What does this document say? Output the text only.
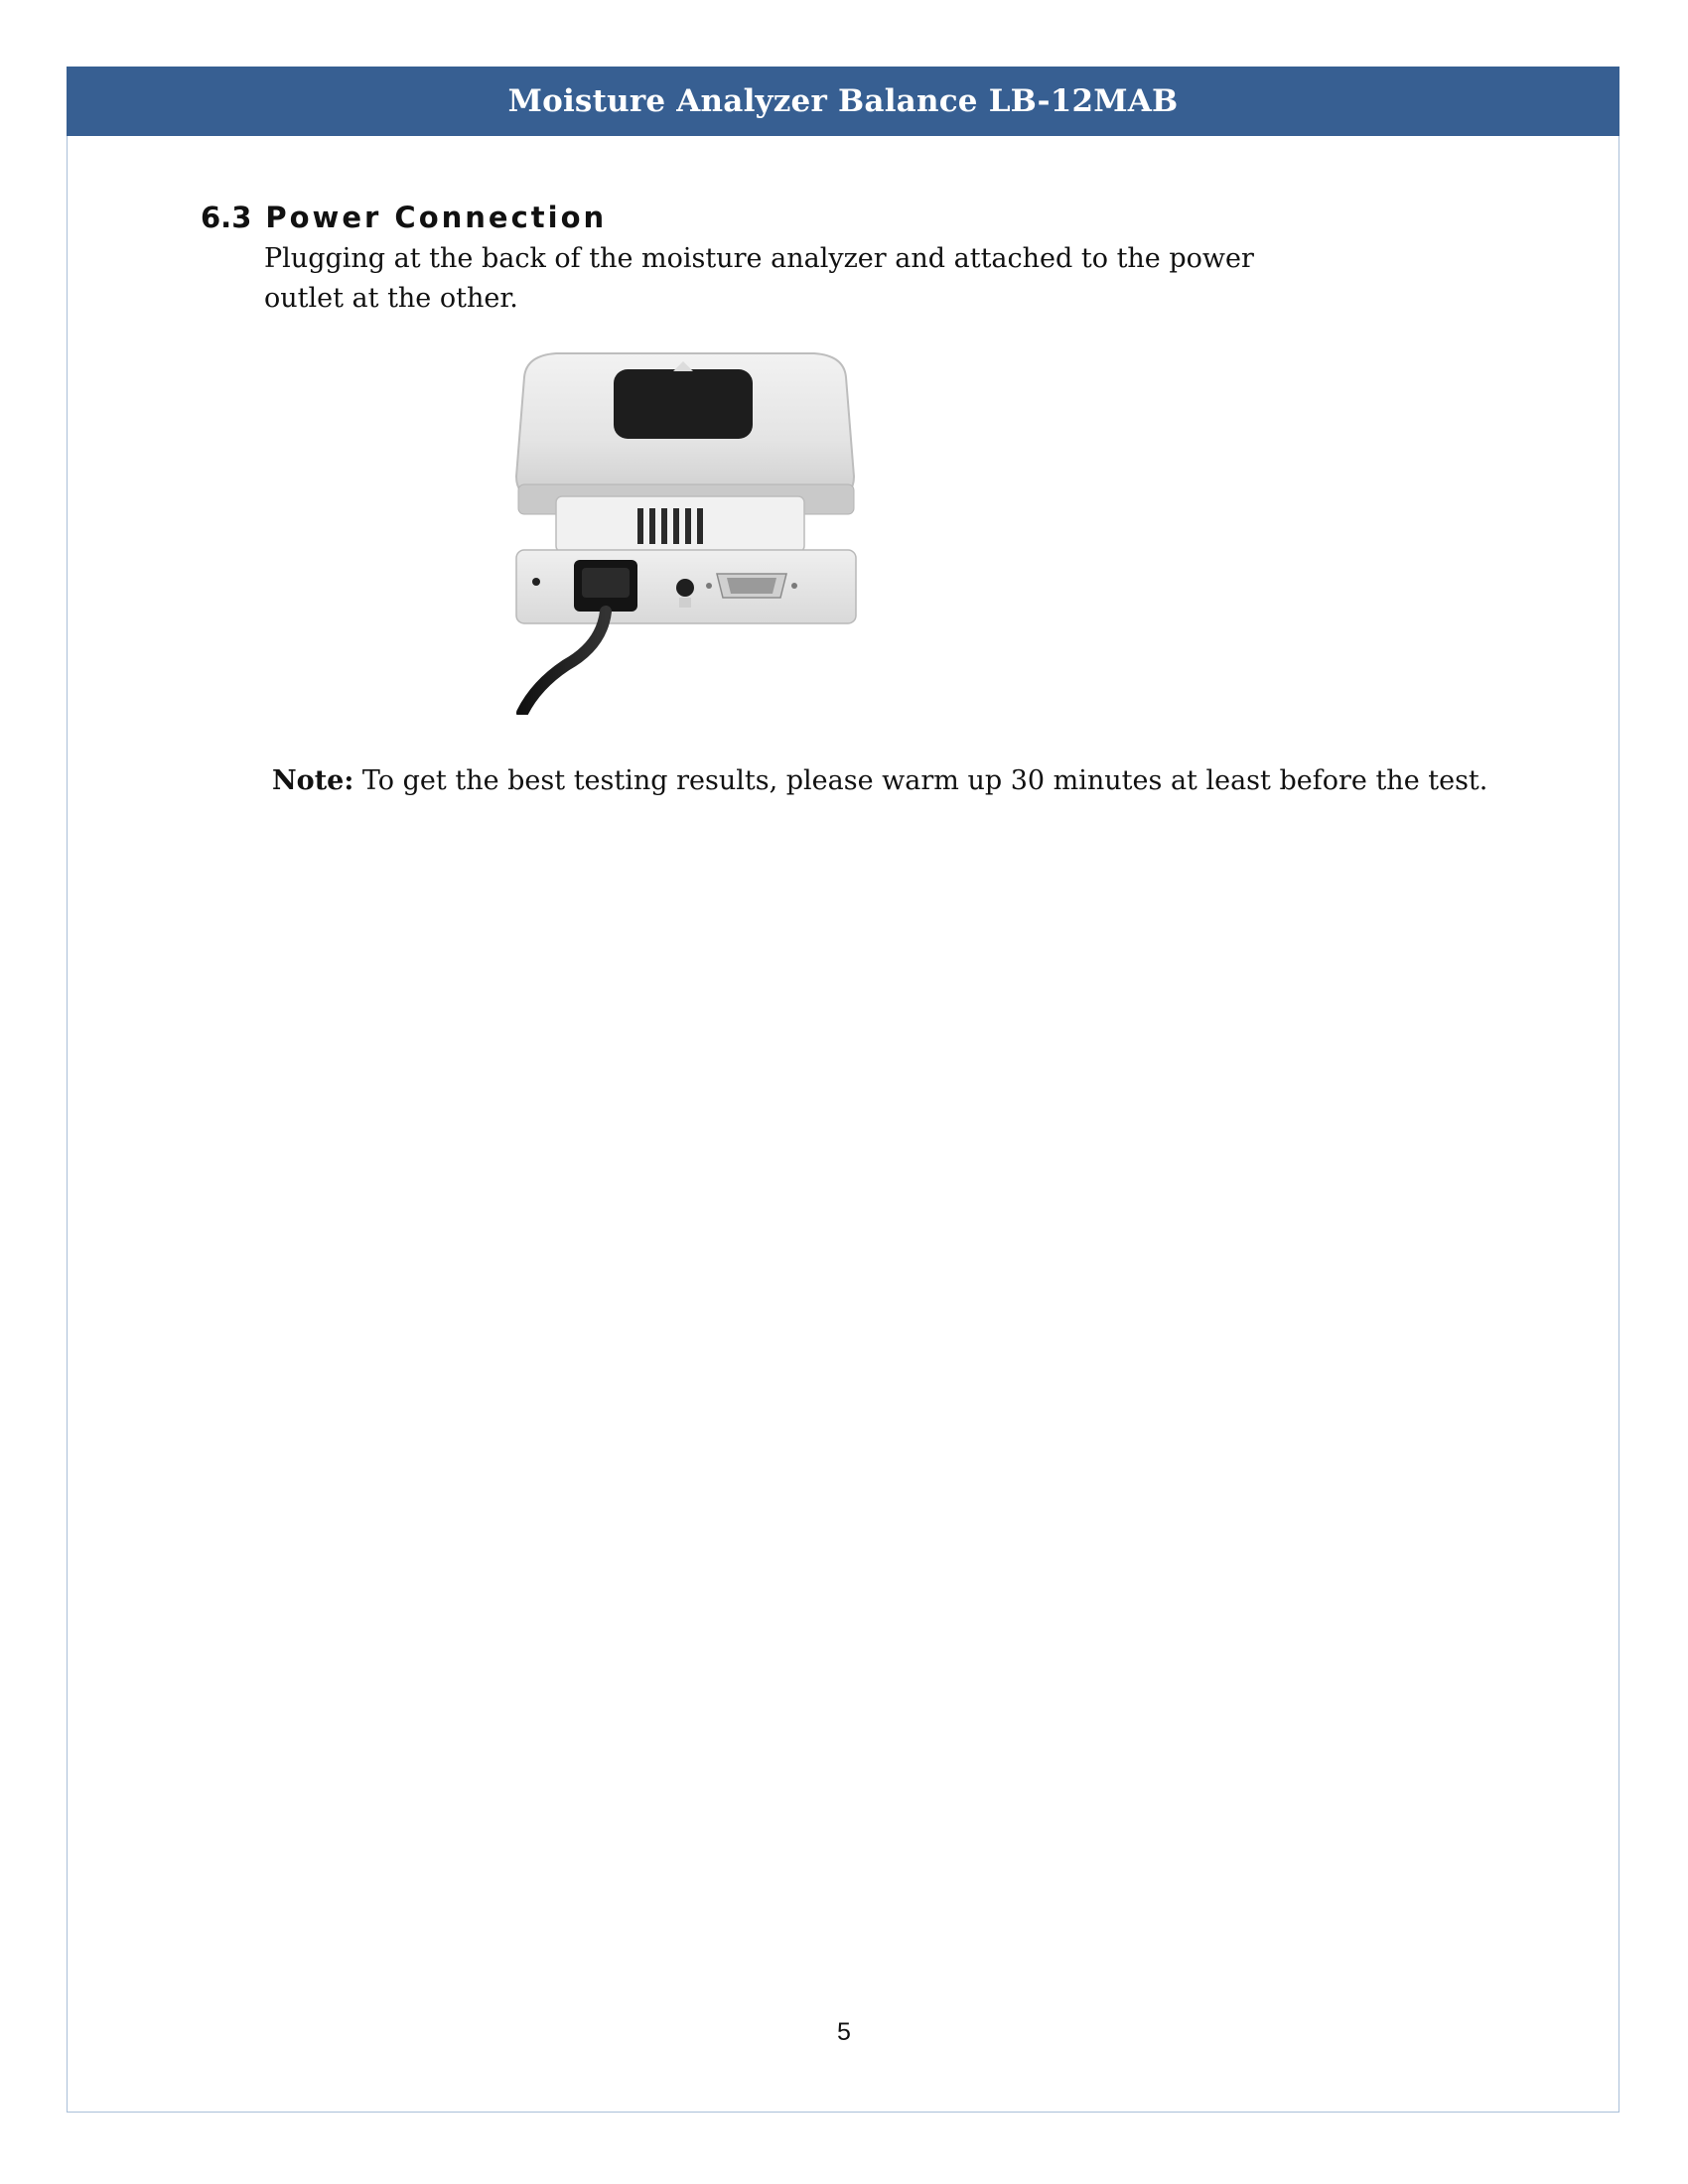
Moisture Analyzer Balance LB-12MAB
6.3 Power Connection
Plugging at the back of the moisture analyzer and attached to the power outlet at the other.
Note: To get the best testing results, please warm up 30 minutes at least before the test.
5
